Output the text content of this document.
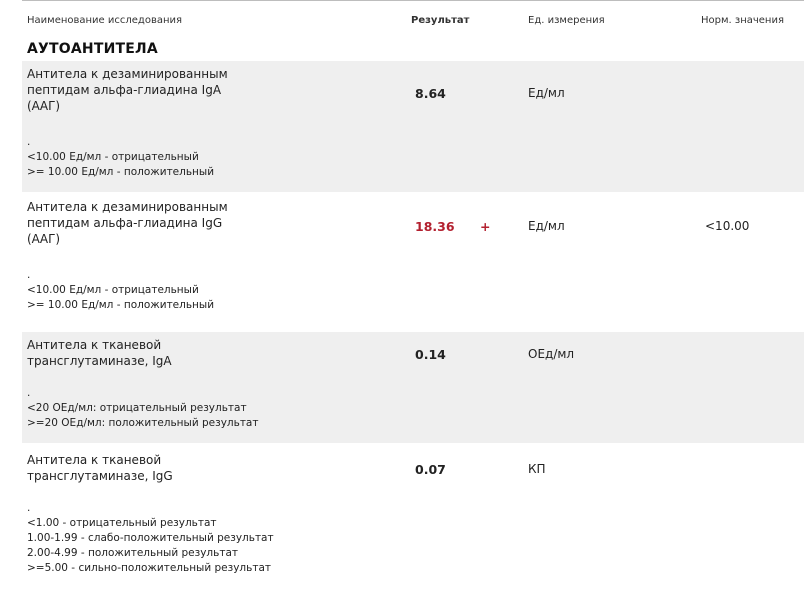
Наименование исследования	Результат	Ед. измерения	Норм. значения
АУТОАНТИТЕЛА
Антитела к дезаминированным
пептидам альфа-глиадина IgA
(ААГ)
8.64	Ед/мл
.
<10.00 Ед/мл - отрицательный
>= 10.00 Ед/мл - положительный
Антитела к дезаминированным
пептидам альфа-глиадина IgG
(ААГ)
18.36 +	Ед/мл	<10.00
.
<10.00 Ед/мл - отрицательный
>= 10.00 Ед/мл - положительный
Антитела к тканевой
трансглутаминазе, IgA	0.14	ОЕд/мл
.
<20 ОЕд/мл: отрицательный результат
>=20 ОЕд/мл: положительный результат
Антитела к тканевой
трансглутаминазе, IgG	0.07	КП
.
<1.00 - отрицательный результат
1.00-1.99 - слабо-положительный результат
2.00-4.99 - положительный результат
>=5.00 - сильно-положительный результат
